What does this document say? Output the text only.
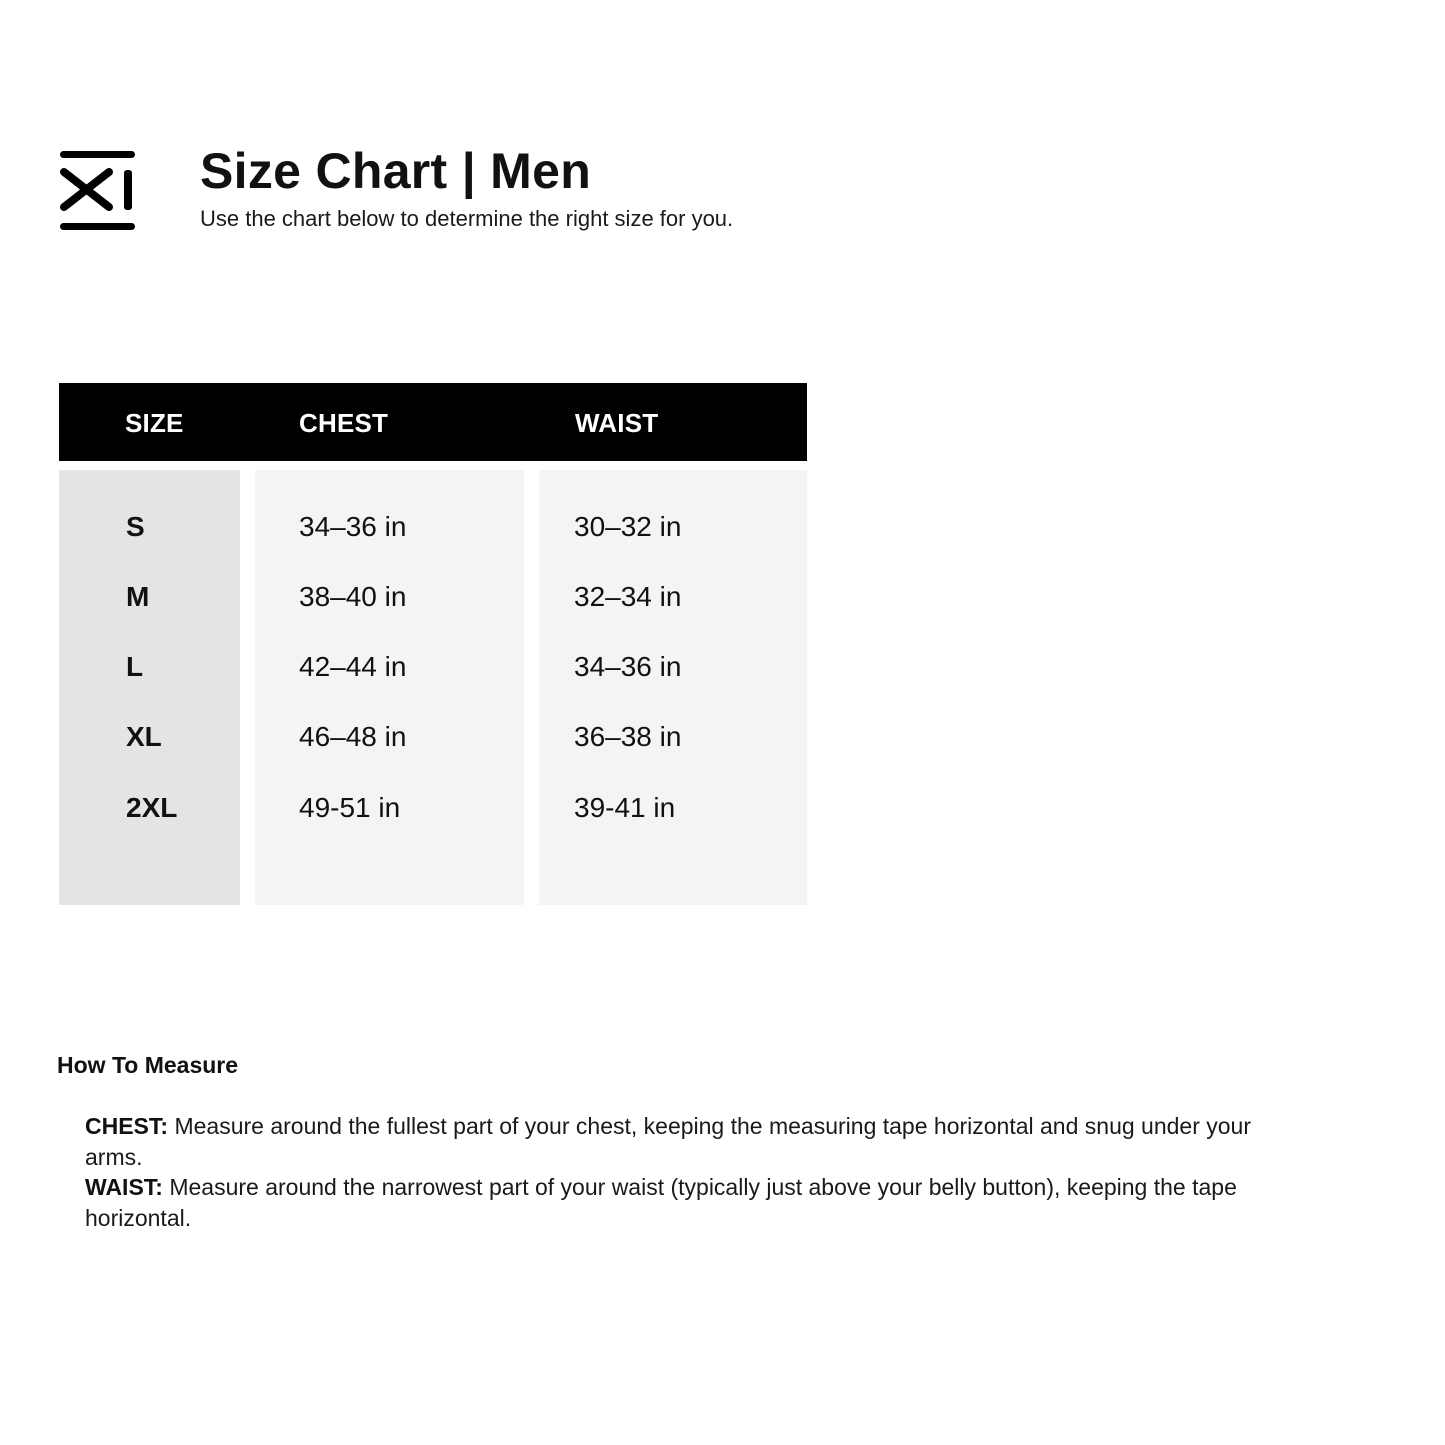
Size Chart | Men

Use the chart below to determine the right size for you.

SIZE	CHEST	WAIST
S
M
L
XL
2XL
34–36 in
38–40 in
42–44 in
46–48 in
49-51 in
30–32 in
32–34 in
34–36 in
36–38 in
39-41 in
How To Measure

CHEST: Measure around the fullest part of your chest, keeping the measuring tape horizontal and snug under your arms.

WAIST: Measure around the narrowest part of your waist (typically just above your belly button), keeping the tape horizontal.
